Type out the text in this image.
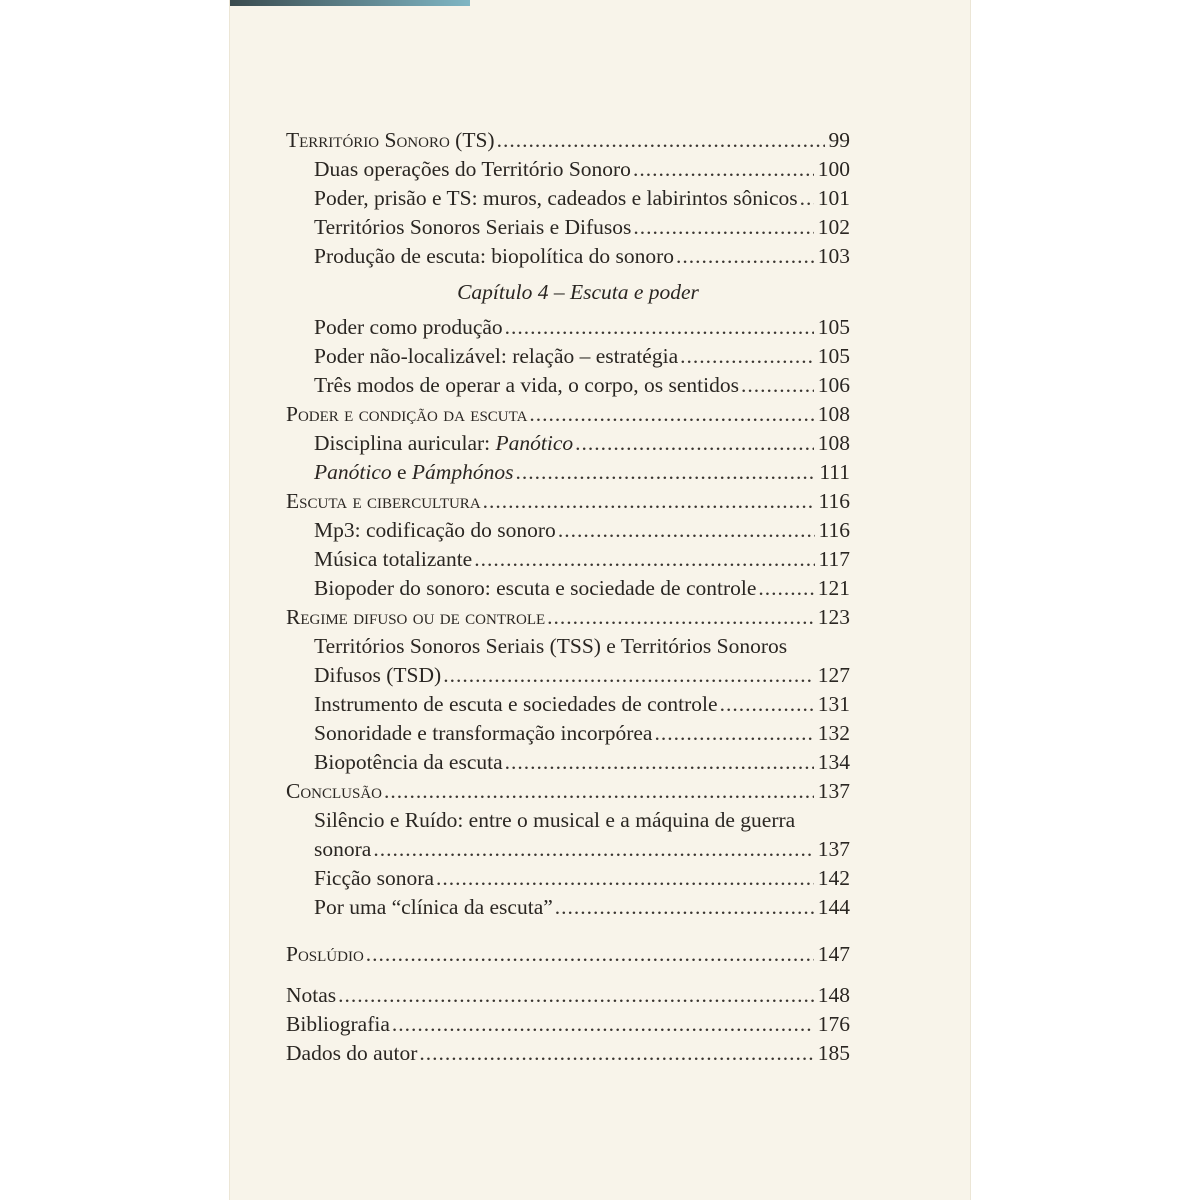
Território Sonoro (TS) .....	99
Duas operações do Território Sonoro .....	100
Poder, prisão e TS: muros, cadeados e labirintos sônicos ..... 101
Territórios Sonoros Seriais e Difusos .....	102
Produção de escuta: biopolítica do sonoro .....	103
Capítulo 4 – Escuta e poder
Poder como produção .....	105
Poder não-localizável: relação – estratégia .....	105
Três modos de operar a vida, o corpo, os sentidos .....	106
Poder e condição da escuta .....	108
Disciplina auricular: Panótico .....	108
Panótico e Pámphónos .....	111
Escuta e cibercultura .....	116
Mp3: codificação do sonoro .....	116
Música totalizante .....	117
Biopoder do sonoro: escuta e sociedade de controle .....	121
Regime difuso ou de controle .....	123
Territórios Sonoros Seriais (TSS) e Territórios Sonoros
Difusos (TSD) .....	127
Instrumento de escuta e sociedades de controle .....	131
Sonoridade e transformação incorpórea .....	132
Biopotência da escuta .....	134
Conclusão .....	137
Silêncio e Ruído: entre o musical e a máquina de guerra
sonora .....	137
Ficção sonora .....	142
Por uma “clínica da escuta” .....	144
Poslúdio .....	147
Notas .....	148
Bibliografia .....	176
Dados do autor .....	185
